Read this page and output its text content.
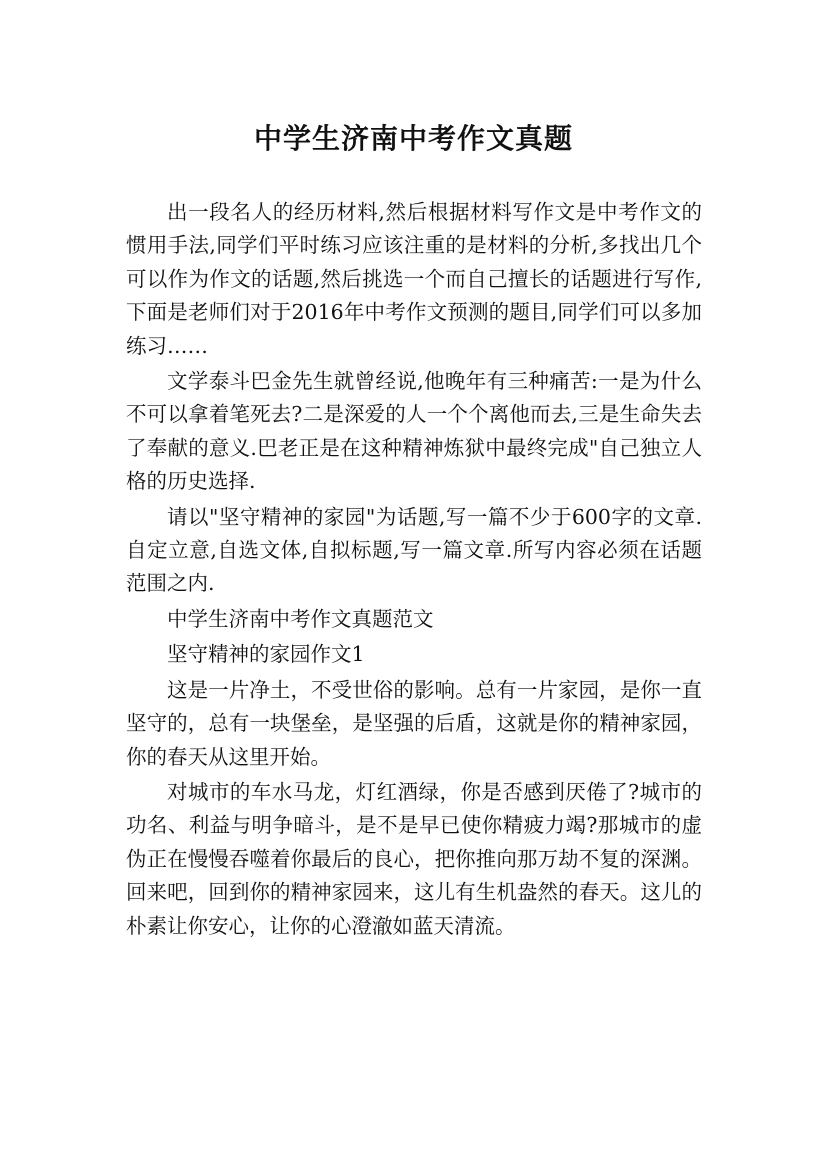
中学生济南中考作文真题

出一段名人的经历材料,然后根据材料写作文是中考作文的惯用手法,同学们平时练习应该注重的是材料的分析,多找出几个可以作为作文的话题,然后挑选一个而自己擅长的话题进行写作,下面是老师们对于2016年中考作文预测的题目,同学们可以多加练习……

文学泰斗巴金先生就曾经说,他晚年有三种痛苦:一是为什么不可以拿着笔死去?二是深爱的人一个个离他而去,三是生命失去了奉献的意义.巴老正是在这种精神炼狱中最终完成"自己独立人格的历史选择.

请以"坚守精神的家园"为话题,写一篇不少于600字的文章.自定立意,自选文体,自拟标题,写一篇文章.所写内容必须在话题范围之内.

中学生济南中考作文真题范文

坚守精神的家园作文1

这是一片净土，不受世俗的影响。总有一片家园，是你一直坚守的，总有一块堡垒，是坚强的后盾，这就是你的精神家园，你的春天从这里开始。

对城市的车水马龙，灯红酒绿，你是否感到厌倦了?城市的功名、利益与明争暗斗，是不是早已使你精疲力竭?那城市的虚伪正在慢慢吞噬着你最后的良心，把你推向那万劫不复的深渊。回来吧，回到你的精神家园来，这儿有生机盎然的春天。这儿的朴素让你安心，让你的心澄澈如蓝天清流。
